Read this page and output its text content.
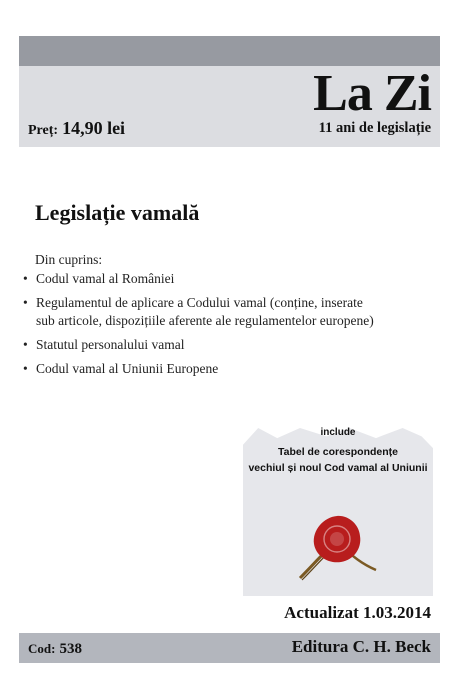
La Zi
11 ani de legislație
Preț: 14,90 lei
Legislație vamală
Din cuprins:
• Codul vamal al României
• Regulamentul de aplicare a Codului vamal (conține, inserate sub articole, dispozițiile aferente ale regulamentelor europene)
• Statutul personalului vamal
• Codul vamal al Uniunii Europene
include
Tabel de corespondențe
vechiul și noul Cod vamal al Uniunii
Actualizat 1.03.2014
Cod: 538	Editura C. H. Beck
